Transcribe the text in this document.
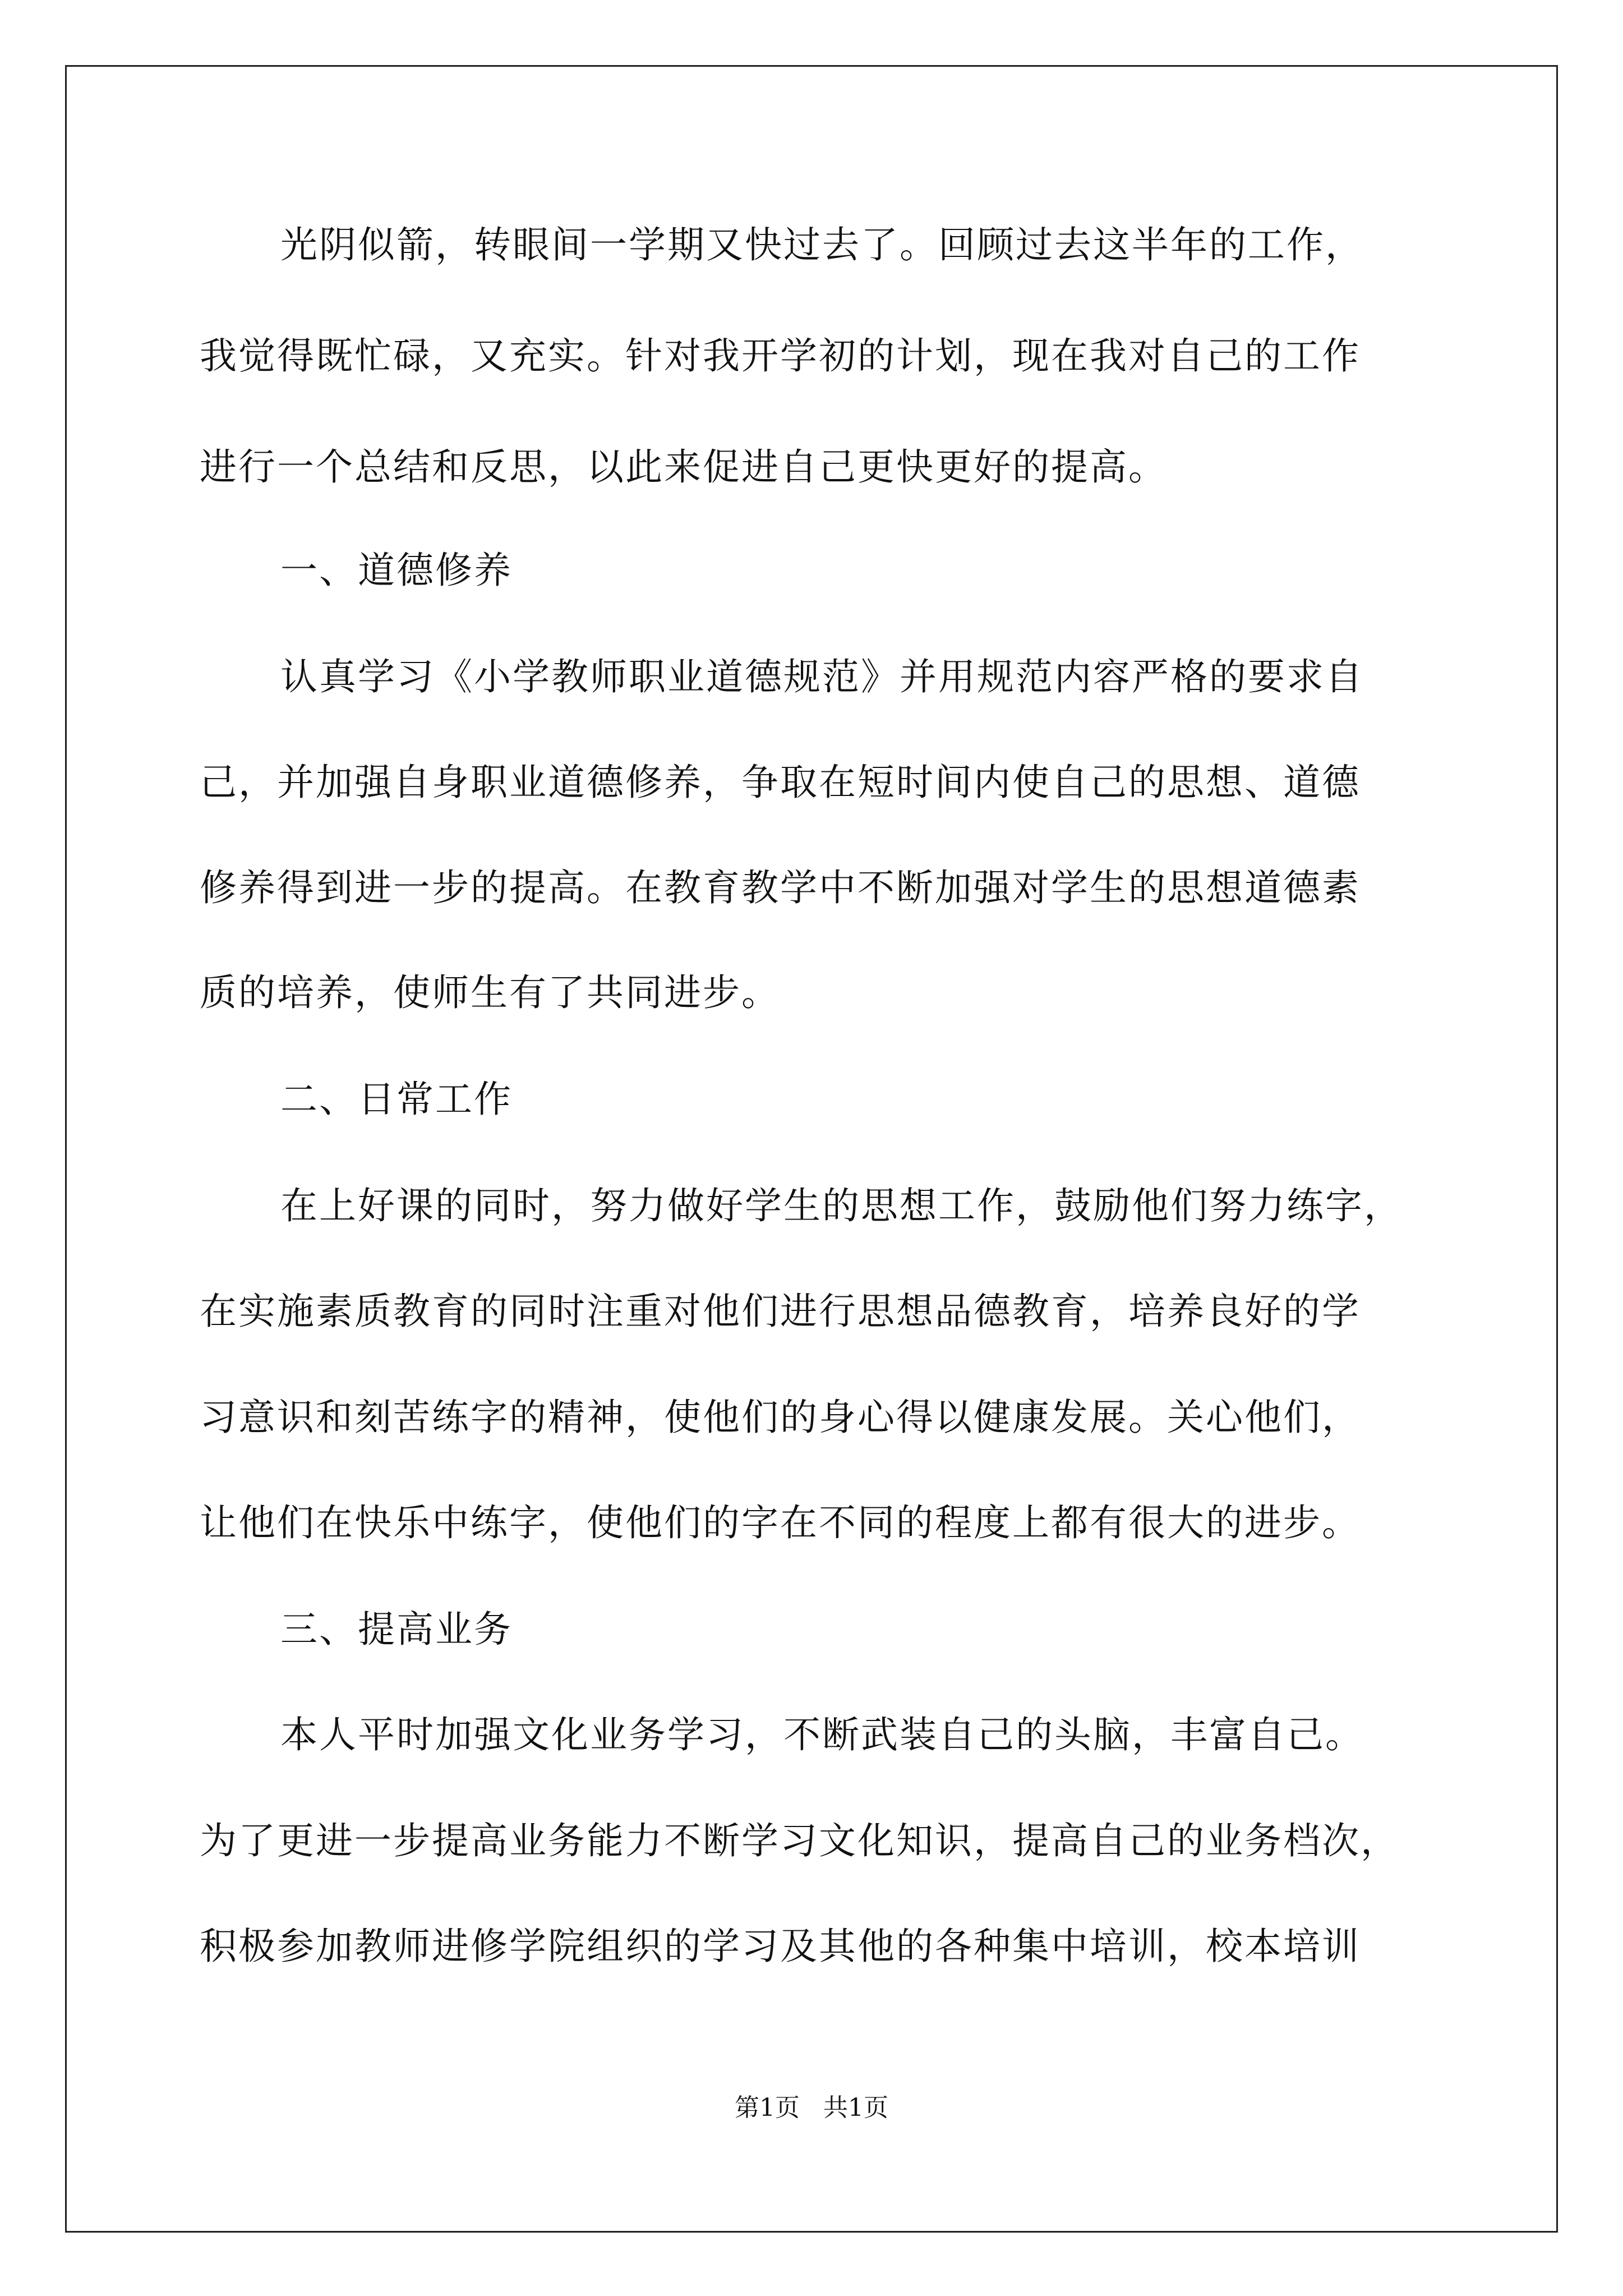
光阴似箭，转眼间一学期又快过去了。回顾过去这半年的工作，
我觉得既忙碌，又充实。针对我开学初的计划，现在我对自己的工作
进行一个总结和反思，以此来促进自己更快更好的提高。
一、道德修养
认真学习《小学教师职业道德规范》并用规范内容严格的要求自
己，并加强自身职业道德修养，争取在短时间内使自己的思想、道德
修养得到进一步的提高。在教育教学中不断加强对学生的思想道德素
质的培养，使师生有了共同进步。
二、日常工作
在上好课的同时，努力做好学生的思想工作，鼓励他们努力练字，
在实施素质教育的同时注重对他们进行思想品德教育，培养良好的学
习意识和刻苦练字的精神，使他们的身心得以健康发展。关心他们，
让他们在快乐中练字，使他们的字在不同的程度上都有很大的进步。
三、提高业务
本人平时加强文化业务学习，不断武装自己的头脑，丰富自己。
为了更进一步提高业务能力不断学习文化知识，提高自己的业务档次，
积极参加教师进修学院组织的学习及其他的各种集中培训，校本培训
第1页   共1页
